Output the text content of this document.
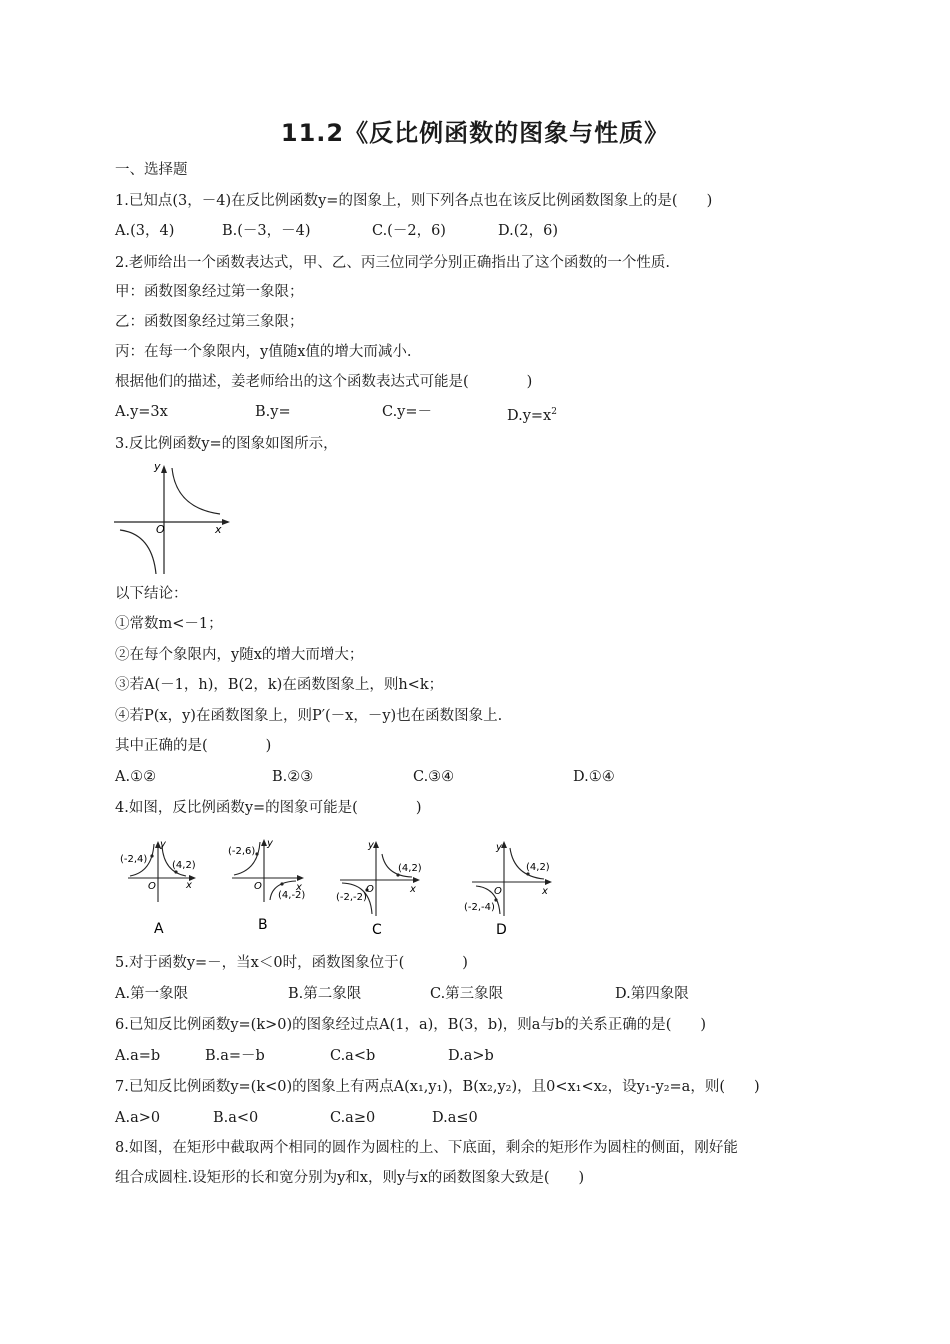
11.2《反比例函数的图象与性质》
一、选择题
1.已知点(3，－4)在反比例函数y=的图象上，则下列各点也在该反比例函数图象上的是(　　)
A.(3，4)	B.(－3，－4)	C.(－2，6)	D.(2，6)
2.老师给出一个函数表达式，甲、乙、丙三位同学分别正确指出了这个函数的一个性质.
甲：函数图象经过第一象限；
乙：函数图象经过第三象限；
丙：在每一个象限内，y值随x值的增大而减小.
根据他们的描述，姜老师给出的这个函数表达式可能是(　　　　)
A.y=3x	B.y=	C.y=－	$D.y=x^2$
3.反比例函数y=的图象如图所示，
y
x
O
以下结论：
①常数m<－1；
②在每个象限内，y随x的增大而增大；
③若A(－1，h)，B(2，k)在函数图象上，则h<k；
④若P(x，y)在函数图象上，则P′(－x，－y)也在函数图象上.
其中正确的是(　　　　)
A.①②	B.②③	C.③④	D.①④
4.如图，反比例函数y=的图象可能是(　　　　)
(-2,4)
(4,2)
y
x
O
A
(-2,6)
(4,-2)
y
x
O
B
(4,2)
(-2,-2)
y
x
O
C
(4,2)
(-2,-4)
y
x
O
D
5.对于函数y=－，当x＜0时，函数图象位于(　　　　)
A.第一象限	B.第二象限	C.第三象限	D.第四象限
6.已知反比例函数y=(k>0)的图象经过点A(1，a)，B(3，b)，则a与b的关系正确的是(　　)
A.a=b	B.a=－b	C.a<b	D.a>b
7.已知反比例函数y=(k<0)的图象上有两点A(x₁,y₁)，B(x₂,y₂)，且0<x₁<x₂，设y₁-y₂=a，则(　　)
A.a>0	B.a<0	C.a≥0	D.a≤0
8.如图，在矩形中截取两个相同的圆作为圆柱的上、下底面，剩余的矩形作为圆柱的侧面，刚好能
组合成圆柱.设矩形的长和宽分别为y和x，则y与x的函数图象大致是(　　)
